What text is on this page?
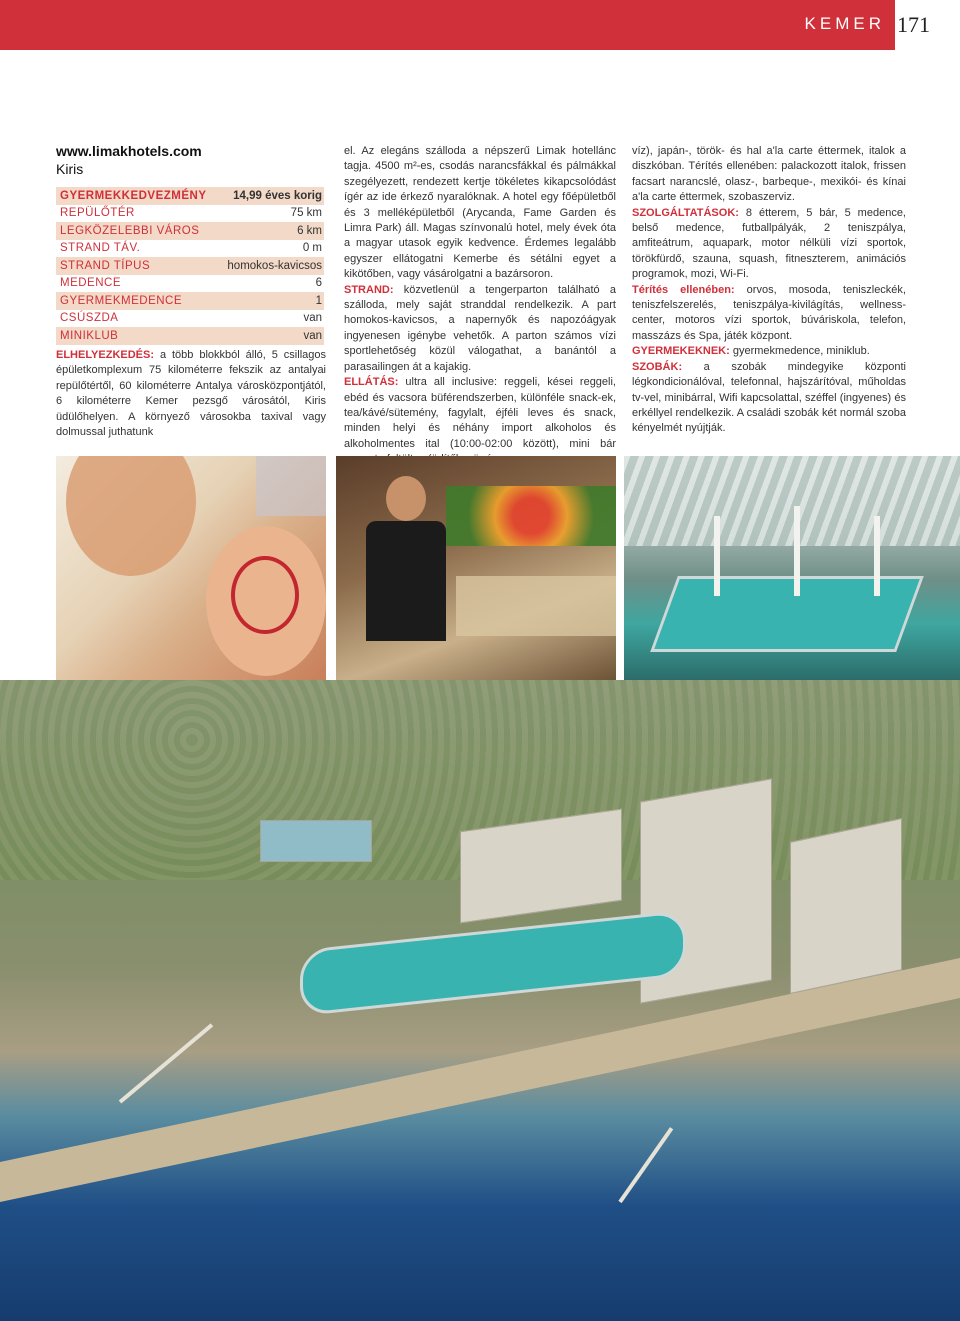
KEMER 171
www.limakhotels.com
Kiris
GYERMEKKEDVEZMÉNY 14,99 éves korig
REPÜLŐTÉR	75 km
LEGKÖZELEBBI VÁROS	6 km
STRAND TÁV.	0 m
STRAND TÍPUS	homokos-kavicsos
MEDENCE	6
GYERMEKMEDENCE	1
CSÚSZDA	van
MINIKLUB	van
ELHELYEZKEDÉS: a több blokkból álló, 5 csillagos épületkomplexum 75 kilométerre fekszik az antalyai repülőtértől, 60 kilométerre Antalya városközpontjától, 6 kilométerre Kemer pezsgő városától, Kiris üdülőhelyen. A környező városokba taxival vagy dolmussal juthatunk
el. Az elegáns szálloda a népszerű Limak hotellánc tagja. 4500 m²-es, csodás narancsfákkal és pálmákkal szegélyezett, rendezett kertje tökéletes kikapcsolódást ígér az ide érkező nyaralóknak. A hotel egy főépületből és 3 melléképületből (Arycanda, Fame Garden és Limra Park) áll. Magas színvonalú hotel, mely évek óta a magyar utasok egyik kedvence. Érdemes legalább egyszer ellátogatni Kemerbe és sétálni egyet a kikötőben, vagy vásárolgatni a bazársoron.
STRAND: közvetlenül a tengerparton található a szálloda, mely saját stranddal rendelkezik. A part homokos-kavicsos, a napernyők és napozóágyak ingyenesen igénybe vehetők. A parton számos vízi sportlehetőség közül válogathat, a banántól a parasailingen át a kajakig.
ELLÁTÁS: ultra all inclusive: reggeli, kései reggeli, ebéd és vacsora büférendszerben, különféle snack-ek, tea/kávé/sütemény, fagylalt, éjféli leves és snack, minden helyi és néhány import alkoholos és alkoholmentes ital (10:00-02:00 között), mini bár
víz), japán-, török- és hal a'la carte éttermek, italok a diszkóban. Térítés ellenében: palackozott italok, frissen facsart narancslé, olasz-, barbeque-, mexikói- és kínai a'la carte éttermek, szobaszerviz.
SZOLGÁLTATÁSOK: 8 étterem, 5 bár, 5 medence, belső medence, futballpályák, 2 teniszpálya, amfiteátrum, aquapark, motor nélküli vízi sportok, törökfürdő, szauna, squash, fitneszterem, animációs programok, mozi, Wi-Fi.
Térítés ellenében: orvos, mosoda, teniszleckék, teniszfelszerelés, teniszpálya-kivilágítás, wellness-center, motoros vízi sportok, búváriskola, telefon, masszázs és Spa, játék központ.
GYERMEKEKNEK: gyermekmedence, miniklub.
SZOBÁK: a szobák mindegyike központi légkondicionálóval, telefonnal, hajszárítóval, műholdas tv-vel, minibárral, Wifi kapcsolattal, széffel (ingyenes) és erkéllyel rendelkezik. A családi szobák két normál szoba kényelmét nyújtják.
